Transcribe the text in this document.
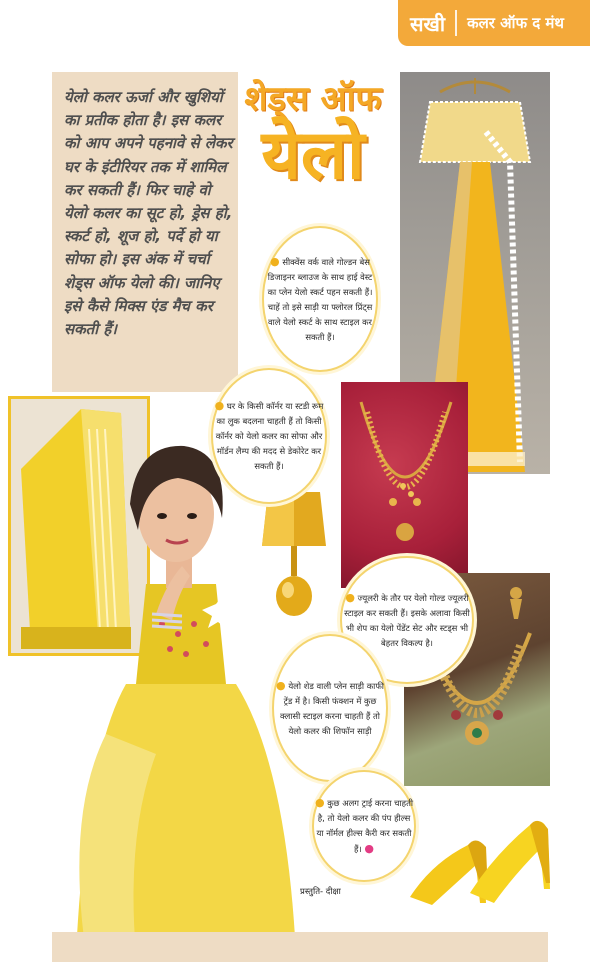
सखी कलर ऑफ द मंथ

येलो कलर ऊर्जा और खुशियों का प्रतीक होता है। इस कलर को आप अपने पहनावे से लेकर घर के इंटीरियर तक में शामिल कर सकती हैं। फिर चाहे वो येलो कलर का सूट हो, ड्रेस हो, स्कर्ट हो, शूज हो, पर्दे हो या सोफा हो। इस अंक में चर्चा शेड्स ऑफ येलो की। जानिए इसे कैसे मिक्स एंड मैच कर सकती हैं।

शेड्स ऑफ
येलो

● सीक्वेंस वर्क वाले गोल्डन बेस डिजाइनर ब्लाउज के साथ हाई वेस्ट का प्लेन येलो स्कर्ट पहन सकती हैं। चाहें तो इसे साड़ी या फ्लोरल प्रिंट्स वाले येलो स्कर्ट के साथ स्टाइल कर सकती हैं।

● घर के किसी कॉर्नर या स्टडी रूम का लुक बदलना चाहती हैं तो किसी कॉर्नर को येलो कलर का सोफा और मॉर्डन लैम्प की मदद से डेकोरेट कर सकती हैं।

● ज्यूलरी के तौर पर येलो गोल्ड ज्यूलरी स्टाइल कर सकती हैं। इसके अलावा किसी भी शेप का येलो पेंडेंट सेट और स्टड्स भी बेहतर विकल्प है।

● येलो शेड वाली प्लेन साड़ी काफी ट्रेंड में है। किसी फंक्शन में कुछ क्लासी स्टाइल करना चाहती हैं तो येलो कलर की शिफॉन साड़ी

● कुछ अलग ट्राई करना चाहती है, तो येलो कलर की पंप हील्स या नॉर्मल हील्स कैरी कर सकती हैं। ●

प्रस्तुति- दीक्षा
